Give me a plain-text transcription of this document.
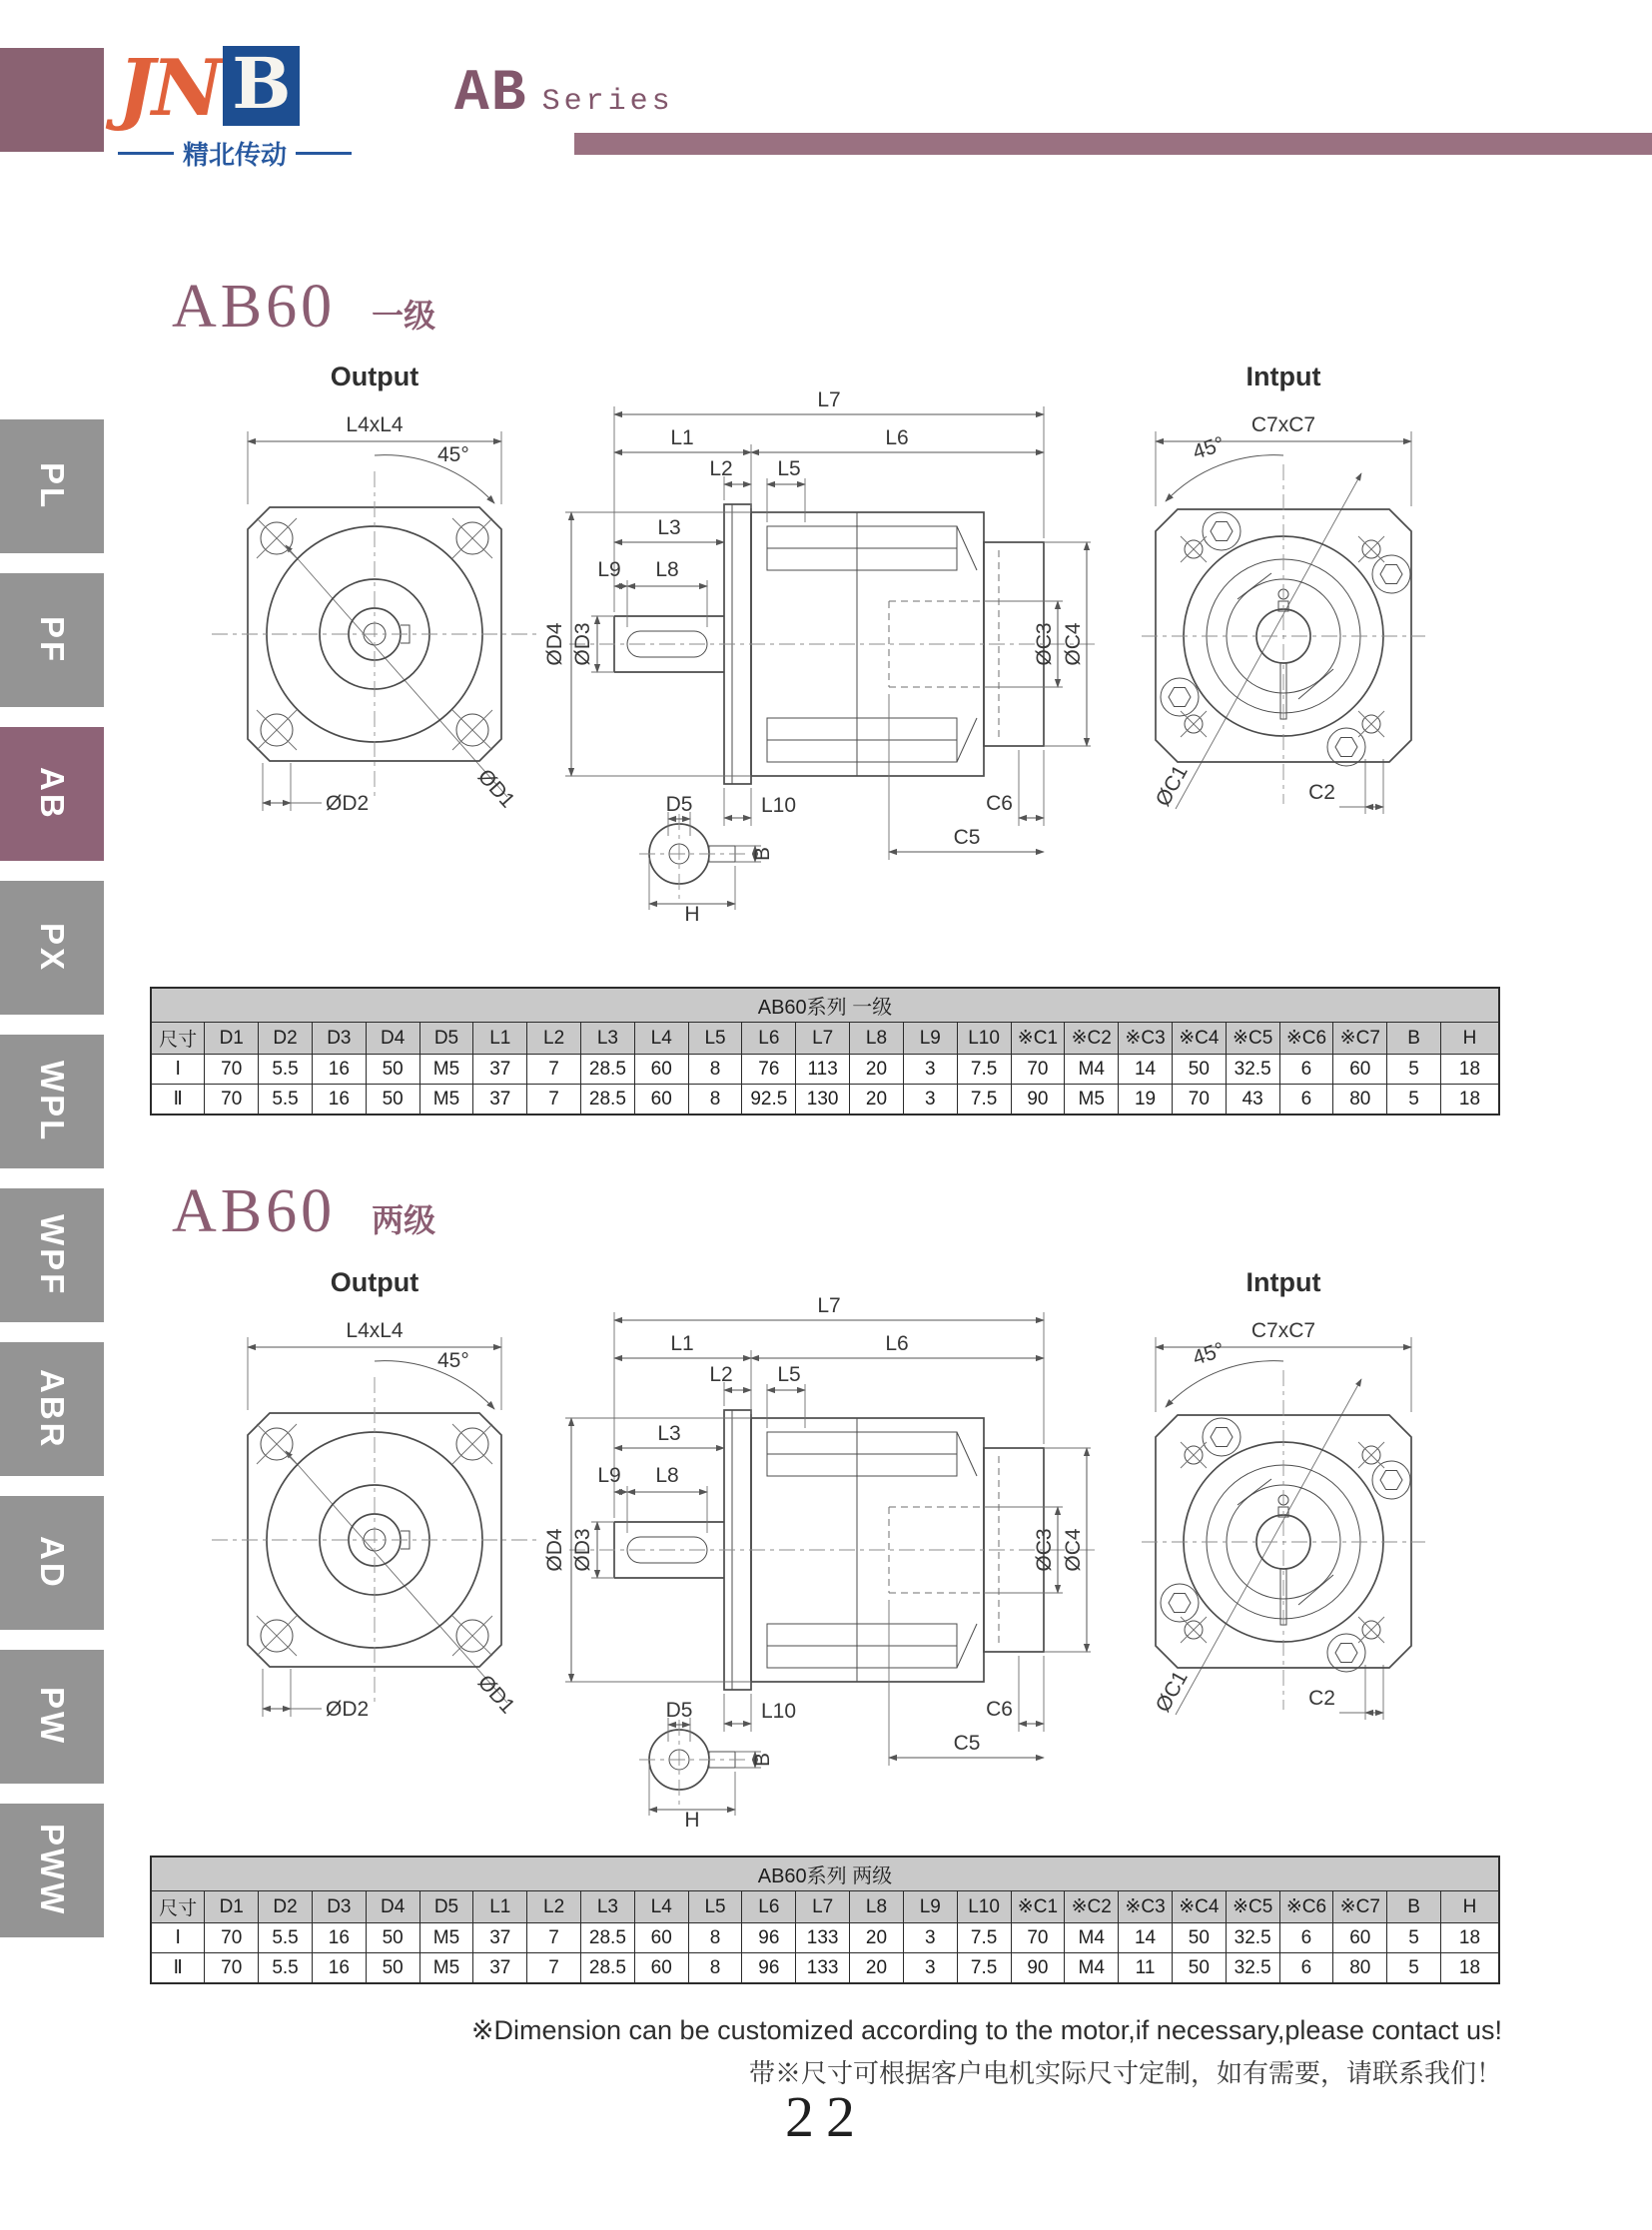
JN B
精北传动
AB Series
PL
PF
AB
PX
WPL
WPF
ABR
AD
PW
PWW
AB60 一级
Output
L4xL4
45°
ØD1
ØD2
L7
L1	L6
L2 L5
L3
L9 L8
ØD4 ØD3	ØC3 ØC4
L10	C6
C5
D5
B
H
Intput
C7xC7
45°
ØC1	C2
AB60系列 一级																								
尺寸	D1	D2	D3	D4	D5	L1	L2	L3	L4	L5	L6	L7	L8	L9	L10	※C1	※C2	※C3	※C4	※C5	※C6	※C7	B	H
Ⅰ	70	5.5	16	50	M5	37	7	28.5	60	8	76	113	20	3	7.5	70	M4	14	50	32.5	6	60	5	18
Ⅱ	70	5.5	16	50	M5	37	7	28.5	60	8	92.5	130	20	3	7.5	90	M5	19	70	43	6	80	5	18
AB60 两级
Output
L4xL4
45°
ØD1
ØD2
L7
L1	L6
L2 L5
L3
L9 L8
ØD4 ØD3	ØC3 ØC4
L10	C6
C5
D5
B
H
Intput
C7xC7
45°
ØC1	C2
AB60系列 两级																								
尺寸	D1	D2	D3	D4	D5	L1	L2	L3	L4	L5	L6	L7	L8	L9	L10	※C1	※C2	※C3	※C4	※C5	※C6	※C7	B	H
Ⅰ	70	5.5	16	50	M5	37	7	28.5	60	8	96	133	20	3	7.5	70	M4	14	50	32.5	6	60	5	18
Ⅱ	70	5.5	16	50	M5	37	7	28.5	60	8	96	133	20	3	7.5	90	M4	11	50	32.5	6	80	5	18
※Dimension can be customized according to the motor,if necessary,please contact us!
带※尺寸可根据客户电机实际尺寸定制，如有需要，请联系我们！
22
